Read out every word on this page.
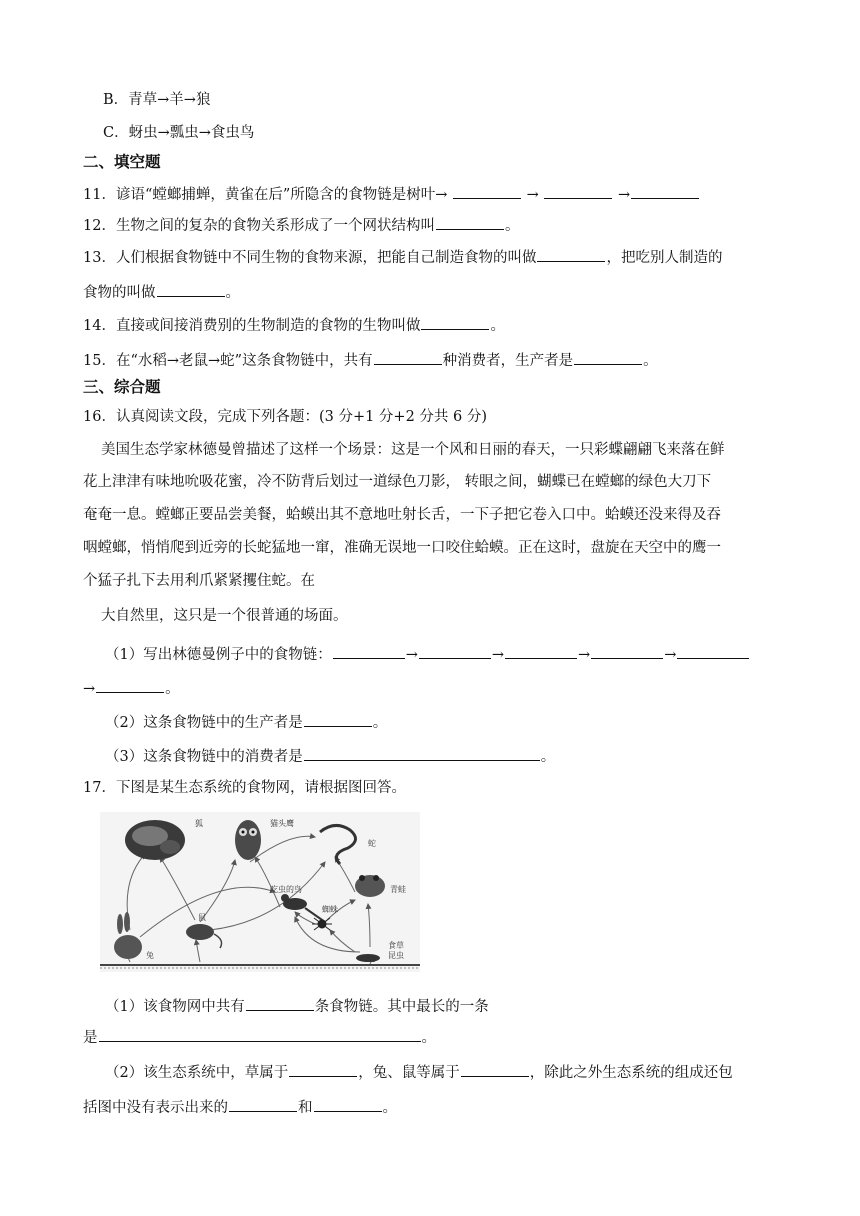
B．青草→羊→狼
C．蚜虫→瓢虫→食虫鸟
二、填空题
11．谚语“螳螂捕蝉，黄雀在后”所隐含的食物链是树叶→	→	→
12．生物之间的复杂的食物关系形成了一个网状结构叫	。
13．人们根据食物链中不同生物的食物来源，把能自己制造食物的叫做	，把吃别人制造的
食物的叫做	。
14．直接或间接消费别的生物制造的食物的生物叫做	。
15．在“水稻→老鼠→蛇”这条食物链中，共有	种消费者，生产者是	。
三、综合题
16．认真阅读文段，完成下列各题：(3 分+1 分+2 分共 6 分)
美国生态学家林德曼曾描述了这样一个场景：这是一个风和日丽的春天，一只彩蝶翩翩飞来落在鲜
花上津津有味地吮吸花蜜，冷不防背后划过一道绿色刀影， 转眼之间，蝴蝶已在螳螂的绿色大刀下
奄奄一息。螳螂正要品尝美餐，蛤蟆出其不意地吐射长舌，一下子把它卷入口中。蛤蟆还没来得及吞
咽螳螂，悄悄爬到近旁的长蛇猛地一窜，准确无误地一口咬住蛤蟆。正在这时，盘旋在天空中的鹰一
个猛子扎下去用利爪紧紧攫住蛇。在
大自然里，这只是一个很普通的场面。
（1）写出林德曼例子中的食物链：	→	→	→	→
→	。
（2）这条食物链中的生产者是	。
（3）这条食物链中的消费者是	。
17．下图是某生态系统的食物网，请根据图回答。
狐	猫头鹰
蛇
青蛙
吃虫的鸟
蜘蛛
食草
昆虫
兔
鼠
（1）该食物网中共有	条食物链。其中最长的一条
是	。
（2）该生态系统中，草属于	，兔、鼠等属于	，除此之外生态系统的组成还包
括图中没有表示出来的	和	。
